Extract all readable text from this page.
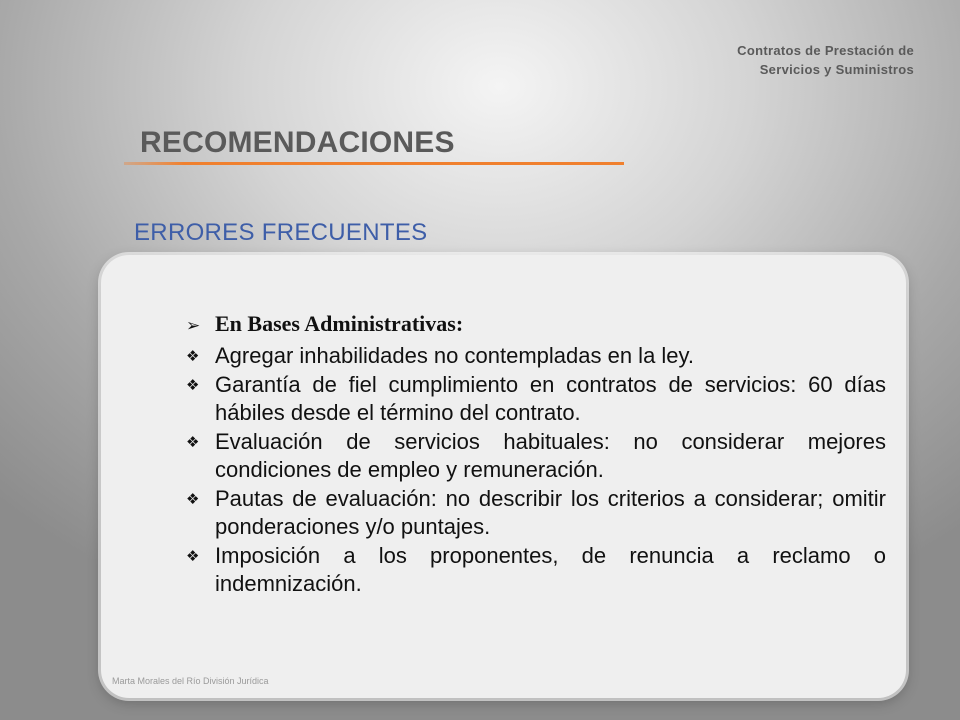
Contratos de Prestación de
Servicios y Suministros
RECOMENDACIONES
ERRORES FRECUENTES
➢ En Bases Administrativas:
❖ Agregar inhabilidades no contempladas en la ley.
❖ Garantía de fiel cumplimiento en contratos de servicios: 60 días hábiles desde el término del contrato.
❖ Evaluación de servicios habituales: no considerar mejores condiciones de empleo y remuneración.
❖ Pautas de evaluación: no describir los criterios a considerar; omitir ponderaciones y/o puntajes.
❖ Imposición a los proponentes, de renuncia a reclamo o indemnización.
Marta Morales del Río División Jurídica
